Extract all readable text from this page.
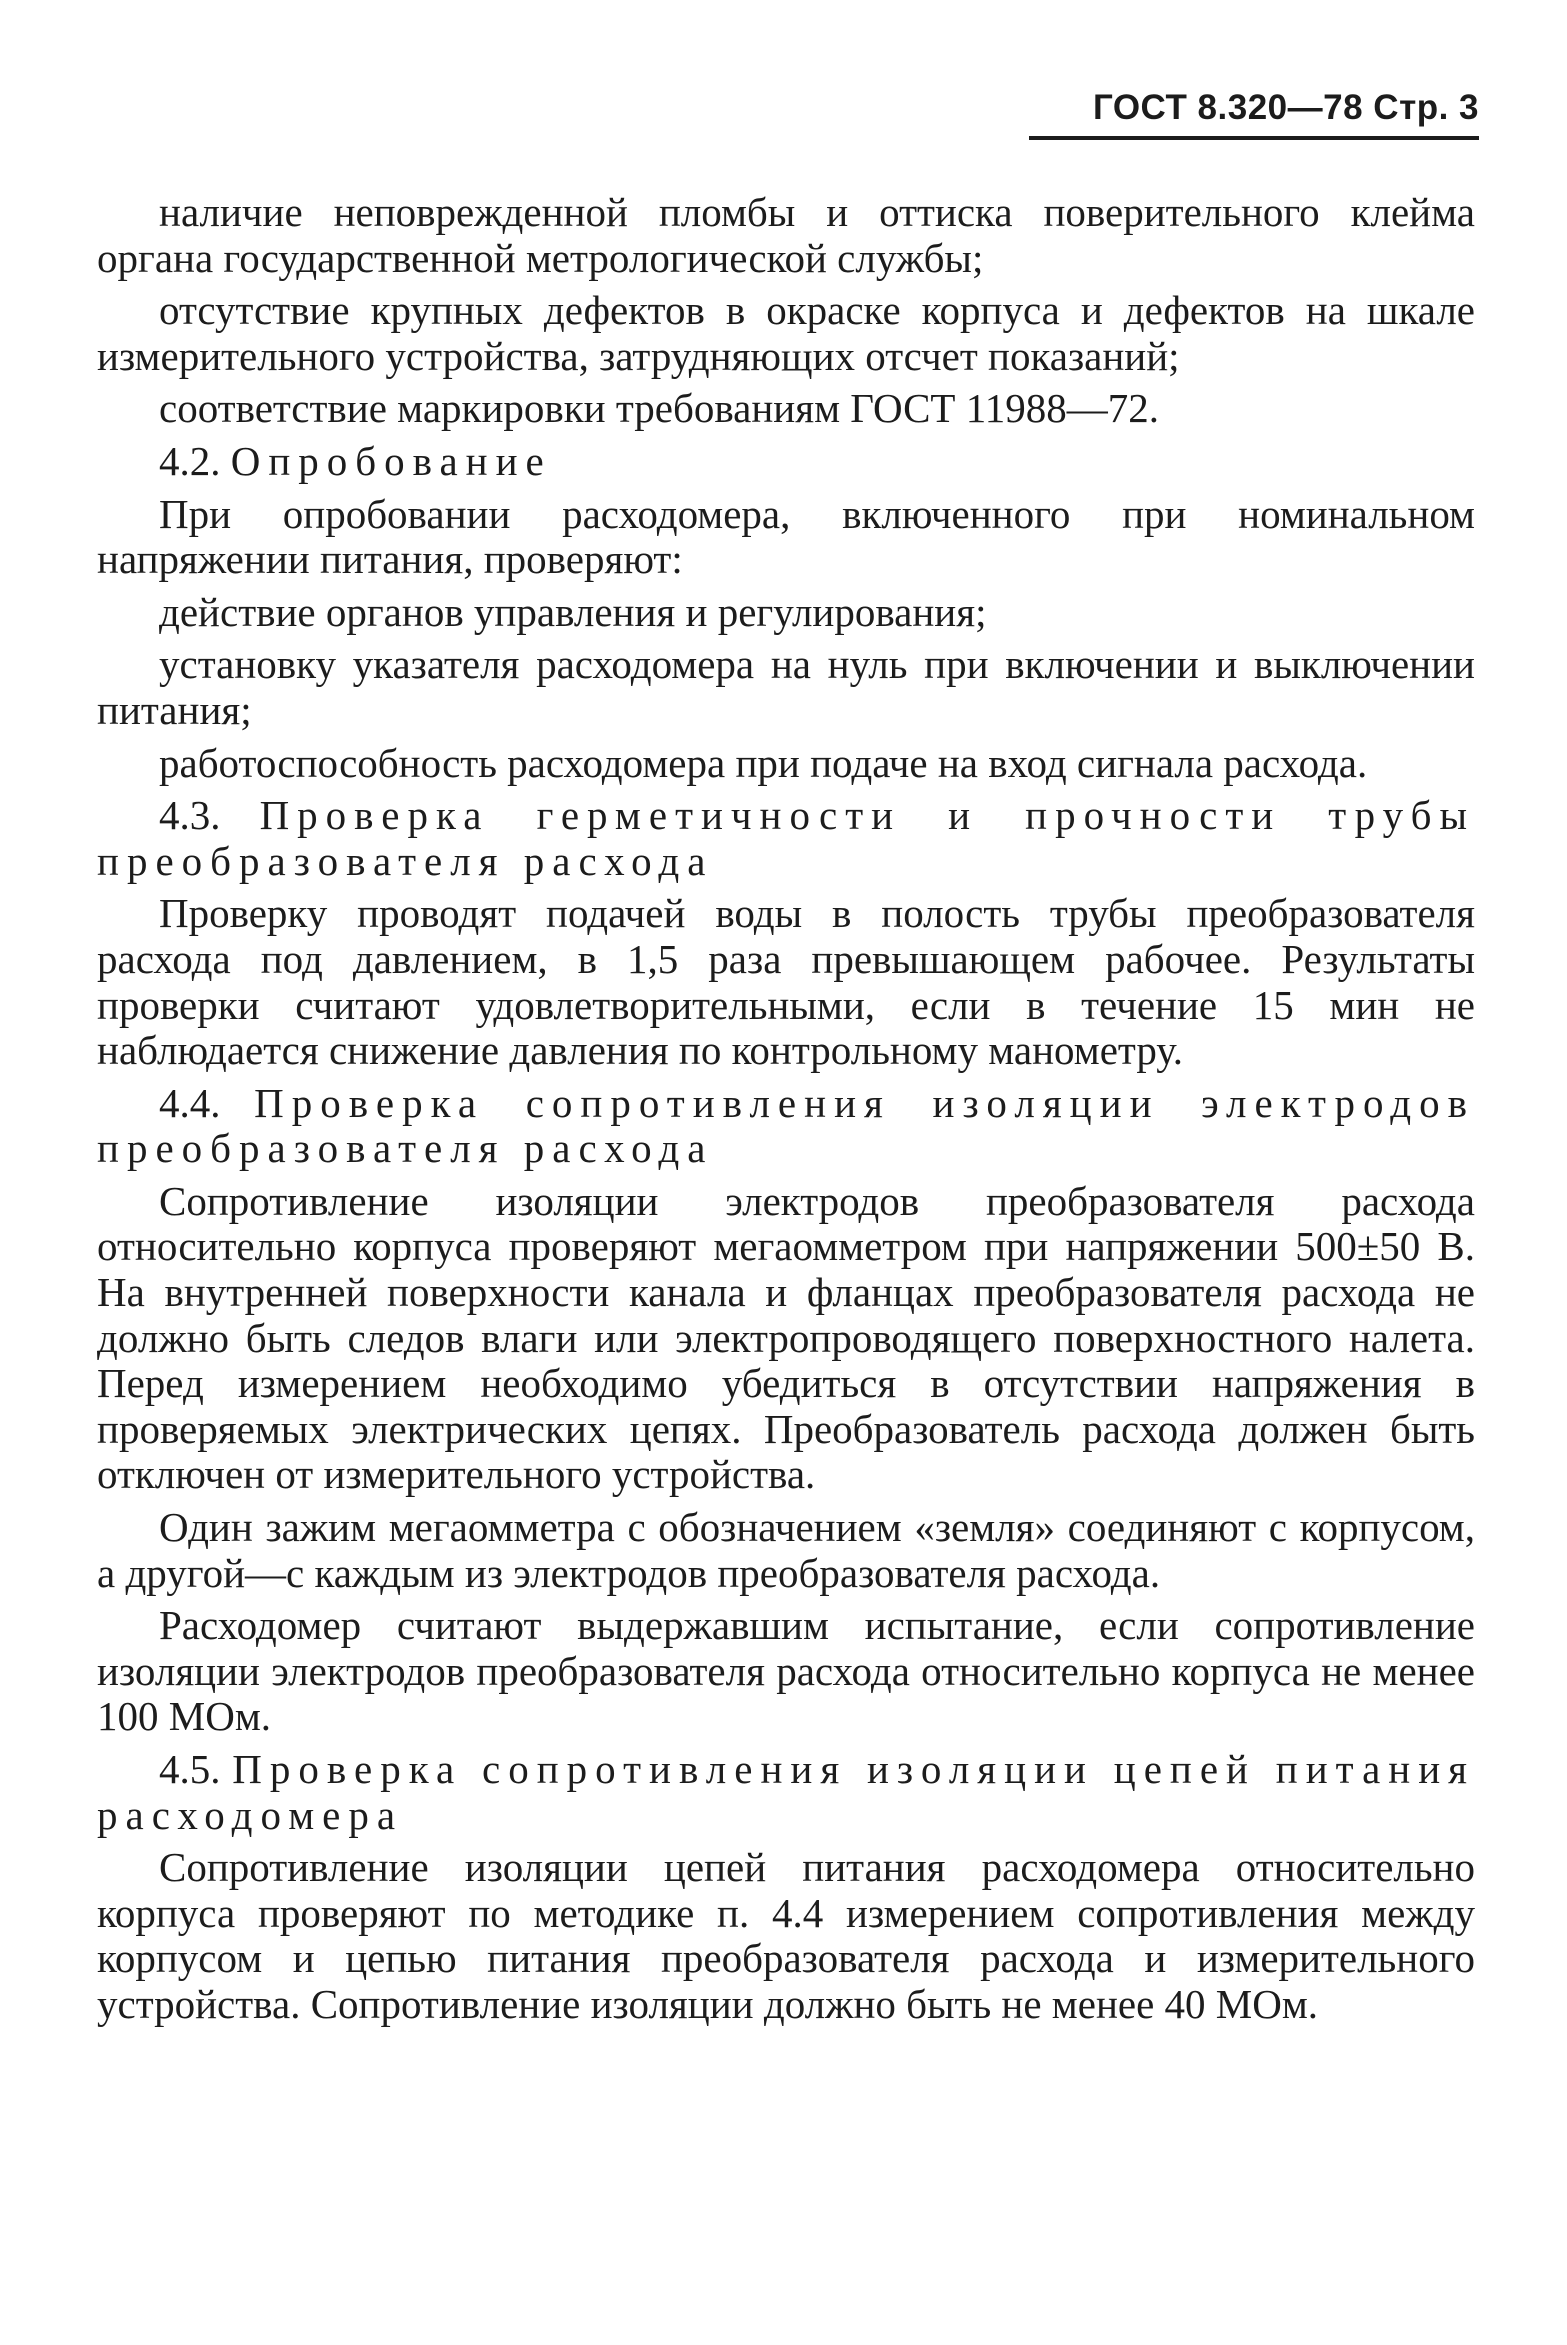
ГОСТ 8.320—78 Стр. 3

наличие неповрежденной пломбы и оттиска поверительного клейма органа государственной метрологической службы;

отсутствие крупных дефектов в окраске корпуса и дефектов на шкале измерительного устройства, затрудняющих отсчет показаний;

соответствие маркировки требованиям ГОСТ 11988—72.

4.2. Опробование

При опробовании расходомера, включенного при номинальном напряжении питания, проверяют:

действие органов управления и регулирования;

установку указателя расходомера на нуль при включении и выключении питания;

работоспособность расходомера при подаче на вход сигнала расхода.

4.3. Проверка герметичности и прочности трубы преобразователя расхода

Проверку проводят подачей воды в полость трубы преобразователя расхода под давлением, в 1,5 раза превышающем рабочее. Результаты проверки считают удовлетворительными, если в течение 15 мин не наблюдается снижение давления по контрольному манометру.

4.4. Проверка сопротивления изоляции электродов преобразователя расхода

Сопротивление изоляции электродов преобразователя расхода относительно корпуса проверяют мегаомметром при напряжении 500±50 В. На внутренней поверхности канала и фланцах преобразователя расхода не должно быть следов влаги или электропроводящего поверхностного налета. Перед измерением необходимо убедиться в отсутствии напряжения в проверяемых электрических цепях. Преобразователь расхода должен быть отключен от измерительного устройства.

Один зажим мегаомметра с обозначением «земля» соединяют с корпусом, а другой—с каждым из электродов преобразователя расхода.

Расходомер считают выдержавшим испытание, если сопротивление изоляции электродов преобразователя расхода относительно корпуса не менее 100 МОм.

4.5. Проверка сопротивления изоляции цепей питания расходомера

Сопротивление изоляции цепей питания расходомера относительно корпуса проверяют по методике п. 4.4 измерением сопротивления между корпусом и цепью питания преобразователя расхода и измерительного устройства. Сопротивление изоляции должно быть не менее 40 МОм.
